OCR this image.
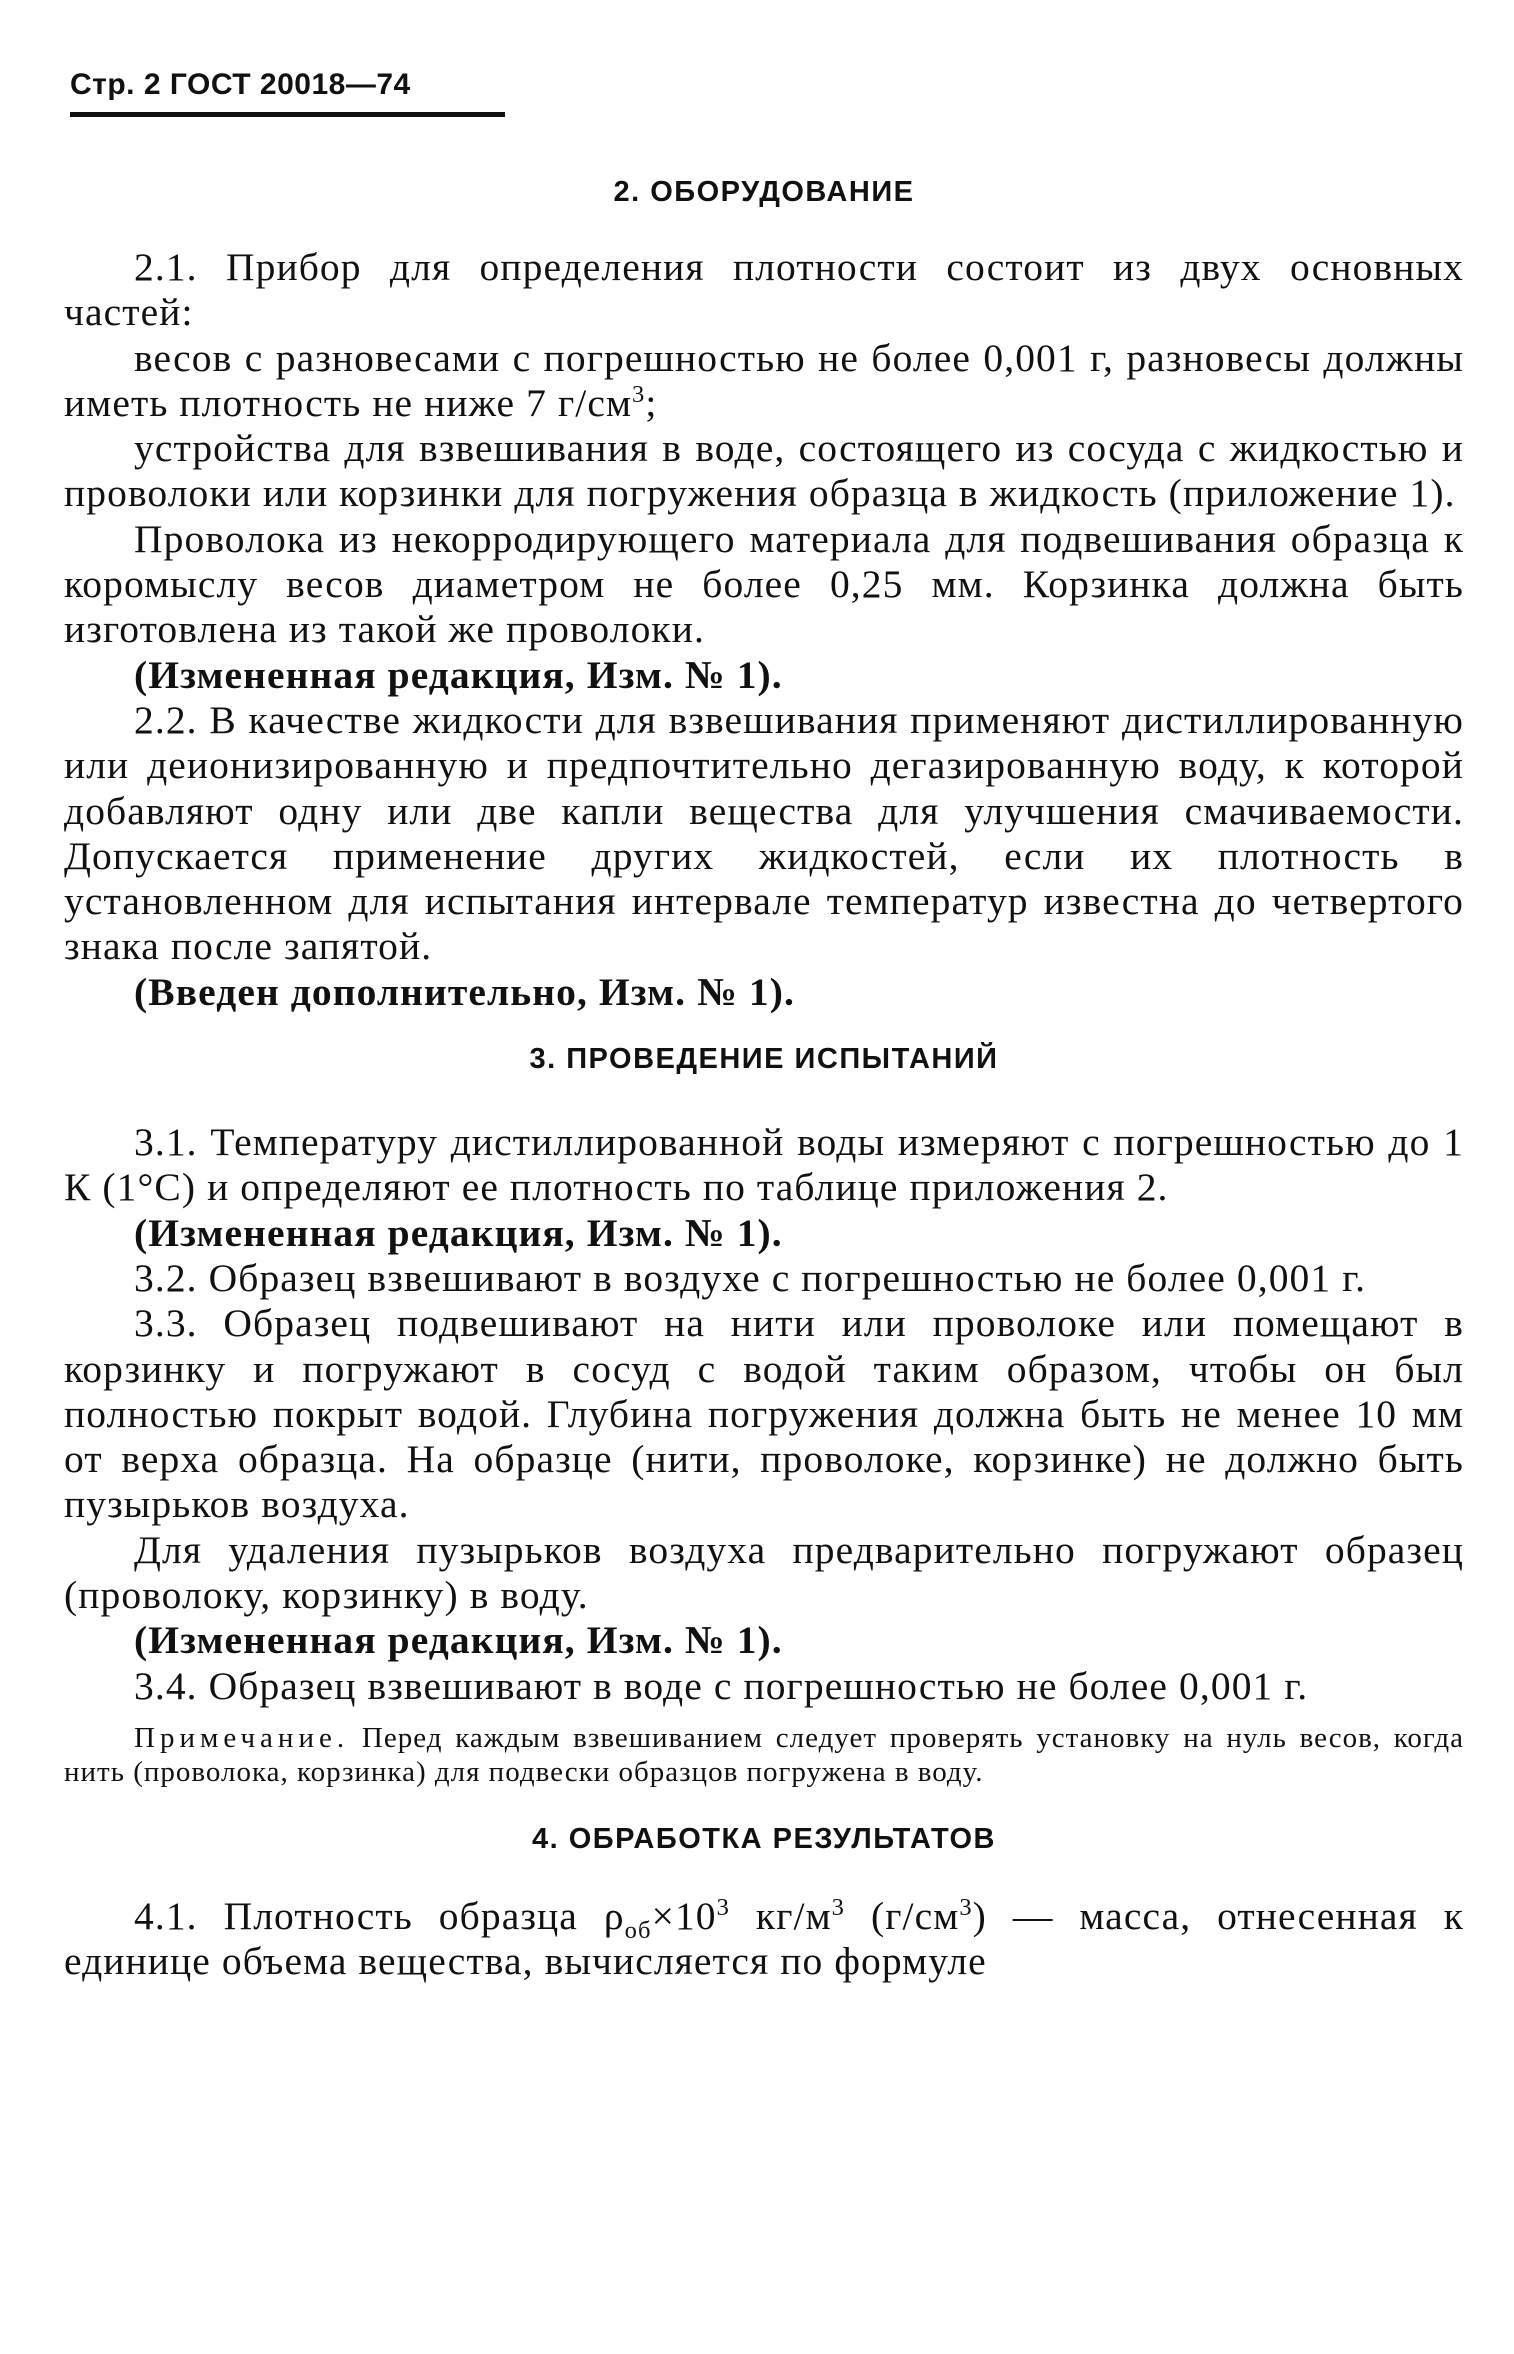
Стр. 2 ГОСТ 20018—74

2. ОБОРУДОВАНИЕ

2.1. Прибор для определения плотности состоит из двух основных частей:

весов с разновесами с погрешностью не более 0,001 г, разновесы должны иметь плотность не ниже 7 $г/см^3$;

устройства для взвешивания в воде, состоящего из сосуда с жидкостью и проволоки или корзинки для погружения образца в жидкость (приложение 1).

Проволока из некорродирующего материала для подвешивания образца к коромыслу весов диаметром не более 0,25 мм. Корзинка должна быть изготовлена из такой же проволоки.

(Измененная редакция, Изм. № 1).

2.2. В качестве жидкости для взвешивания применяют дистиллированную или деионизированную и предпочтительно дегазированную воду, к которой добавляют одну или две капли вещества для улучшения смачиваемости. Допускается применение других жидкостей, если их плотность в установленном для испытания интервале температур известна до четвертого знака после запятой.

(Введен дополнительно, Изм. № 1).

3. ПРОВЕДЕНИЕ ИСПЫТАНИЙ

3.1. Температуру дистиллированной воды измеряют с погрешностью до 1 К (1°С) и определяют ее плотность по таблице приложения 2.

(Измененная редакция, Изм. № 1).

3.2. Образец взвешивают в воздухе с погрешностью не более 0,001 г.

3.3. Образец подвешивают на нити или проволоке или помещают в корзинку и погружают в сосуд с водой таким образом, чтобы он был полностью покрыт водой. Глубина погружения должна быть не менее 10 мм от верха образца. На образце (нити, проволоке, корзинке) не должно быть пузырьков воздуха.

Для удаления пузырьков воздуха предварительно погружают образец (проволоку, корзинку) в воду.

(Измененная редакция, Изм. № 1).

3.4. Образец взвешивают в воде с погрешностью не более 0,001 г.

Примечание. Перед каждым взвешиванием следует проверять установку на нуль весов, когда нить (проволока, корзинка) для подвески образцов погружена в воду.

4. ОБРАБОТКА РЕЗУЛЬТАТОВ

4.1. Плотность образца $\rho_{об}\times 10^3$ $кг/м^3$ $(г/см^3)$ — масса, отнесенная к единице объема вещества, вычисляется по формуле
